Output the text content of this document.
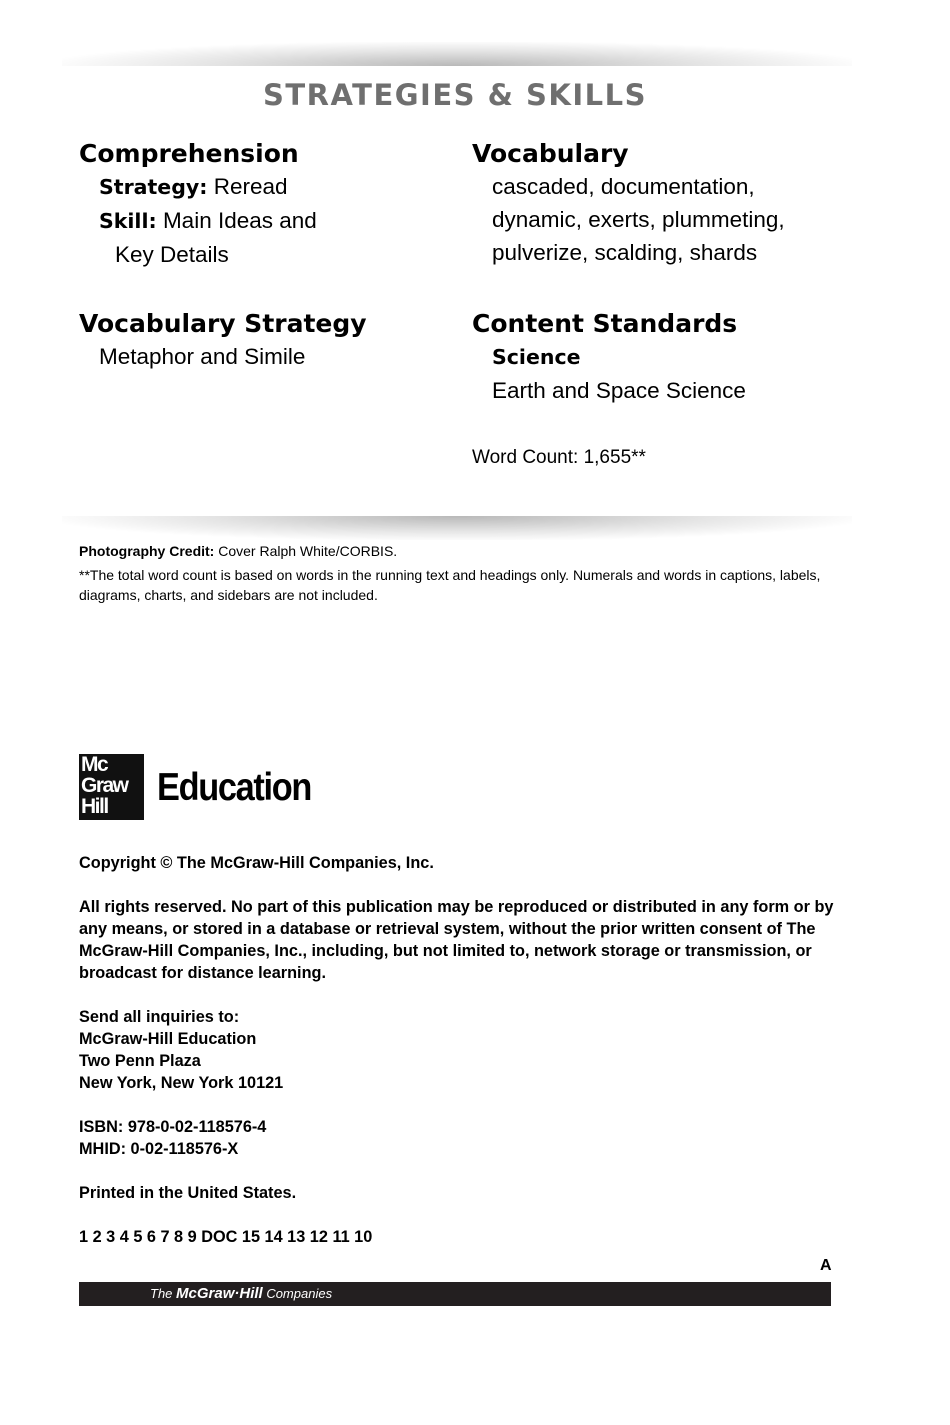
STRATEGIES & SKILLS
Comprehension
Strategy: Reread
Skill: Main Ideas and
Key Details
Vocabulary
cascaded, documentation,
dynamic, exerts, plummeting,
pulverize, scalding, shards
Vocabulary Strategy
Metaphor and Simile
Content Standards
Science
Earth and Space Science
Word Count: 1,655**
Photography Credit: Cover Ralph White/CORBIS.
**The total word count is based on words in the running text and headings only. Numerals and words in captions, labels, diagrams, charts, and sidebars are not included.
Mc
Graw
Hill	Education
Copyright © The McGraw-Hill Companies, Inc.
All rights reserved. No part of this publication may be reproduced or distributed in any form or by any means, or stored in a database or retrieval system, without the prior written consent of The McGraw-Hill Companies, Inc., including, but not limited to, network storage or transmission, or broadcast for distance learning.
Send all inquiries to:
McGraw-Hill Education
Two Penn Plaza
New York, New York 10121
ISBN: 978-0-02-118576-4
MHID: 0-02-118576-X
Printed in the United States.
1 2 3 4 5 6 7 8 9 DOC 15 14 13 12 11 10
A
The McGraw·Hill Companies
